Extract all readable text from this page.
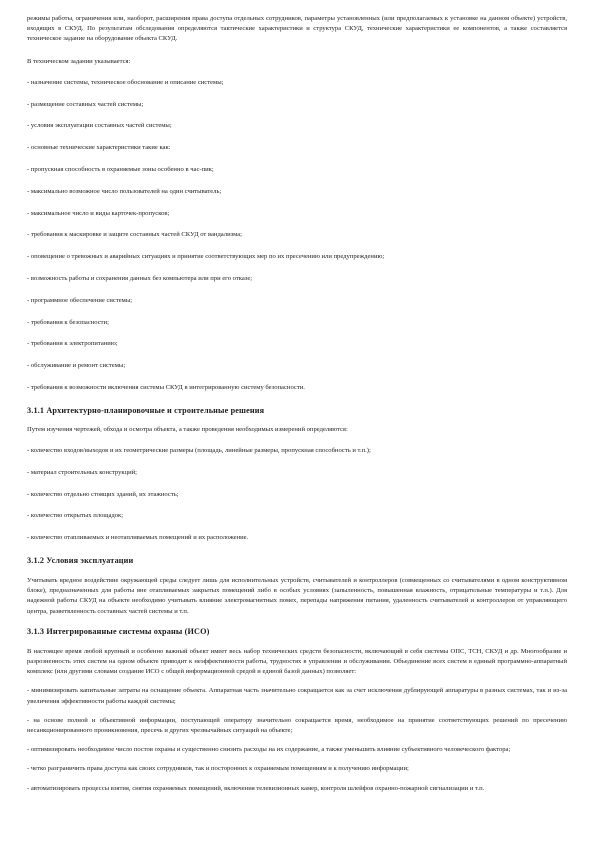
режимы работы, ограничения или, наоборот, расширения права доступа отдельных сотрудников, параметры установленных (или предполагаемых к установке на данном объекте) устройств, входящих в СКУД. По результатам обследования определяются тактические характеристики и структура СКУД, технические характеристики ее компонентов, а также составляется техническое задание на оборудование объекта СКУД.

В техническом задании указывается:

- назначение системы, техническое обоснование и описание системы;

- размещение составных частей системы;

- условия эксплуатации составных частей системы;

- основные технические характеристики такие как:

- пропускная способность в охраняемые зоны особенно в час-пик;

- максимально возможное число пользователей на один считыватель;

- максимальное число и виды карточек-пропусков;

- требования к маскировке и защите составных частей СКУД от вандализма;

- оповещение о тревожных и аварийных ситуациях и принятие соответствующих мер по их пресечению или предупреждению;

- возможность работы и сохранения данных без компьютера или при его отказе;

- программное обеспечение системы;

- требования к безопасности;

- требования к электропитанию;

- обслуживание и ремонт системы;

- требования к возможности включения системы СКУД в интегрированную систему безопасности.

3.1.1 Архитектурно-планировочные и строительные решения

Путем изучения чертежей, обхода и осмотра объекта, а также проведения необходимых измерений определяются:

- количество входов/выходов и их геометрические размеры (площадь, линейные размеры, пропускная способность и т.п.);

- материал строительных конструкций;

- количество отдельно стоящих зданий, их этажность;

- количество открытых площадок;

- количество отапливаемых и неотапливаемых помещений и их расположение.

3.1.2 Условия эксплуатации

Учитывать вредное воздействие окружающей среды следует лишь для исполнительных устройств, считывателей и контроллеров (совмещенных со считывателями в одном конструктивном блоке), предназначенных для работы вне отапливаемых закрытых помещений либо в особых условиях (запыленность, повышенная влажность, отрицательные температуры и т.п.). Для надежной работы СКУД на объекте необходимо учитывать влияние электромагнитных помех, перепады напряжения питания, удаленность считывателей и контроллеров от управляющего центра, разветвленность составных частей системы и т.п.

3.1.3 Интегрированные системы охраны (ИСО)

В настоящее время любой крупный и особенно важный объект имеет весь набор технических средств безопасности, включающий в себя системы ОПС, ТСН, СКУД и др. Многообразие и разрозненность этих систем на одном объекте приводит к неэффективности работы, трудностях в управлении и обслуживании. Объединение всех систем в единый программно-аппаратный комплекс (или другими словами создание ИСО с общей информационной средой и единой базой данных) позволяет:

- минимизировать капитальные затраты на оснащение объекта. Аппаратная часть значительно сокращается как за счет исключения дублирующей аппаратуры в разных системах, так и из-за увеличения эффективности работы каждой системы;

- на основе полной и объективной информации, поступающей оператору значительно сокращается время, необходимое на принятие соответствующих решений по пресечению несанкционированного проникновения, пресечь и других чрезвычайных ситуаций на объекте;

- оптимизировать необходимое число постов охраны и существенно снизить расходы на их содержание, а также уменьшить влияние субъективного человеческого фактора;

- четко разграничить права доступа как своих сотрудников, так и посторонних к охраняемым помещениям и к получению информации;

- автоматизировать процессы взятия, снятия охраняемых помещений, включения телевизионных камер, контроля шлейфов охранно-пожарной сигнализации и т.п.
